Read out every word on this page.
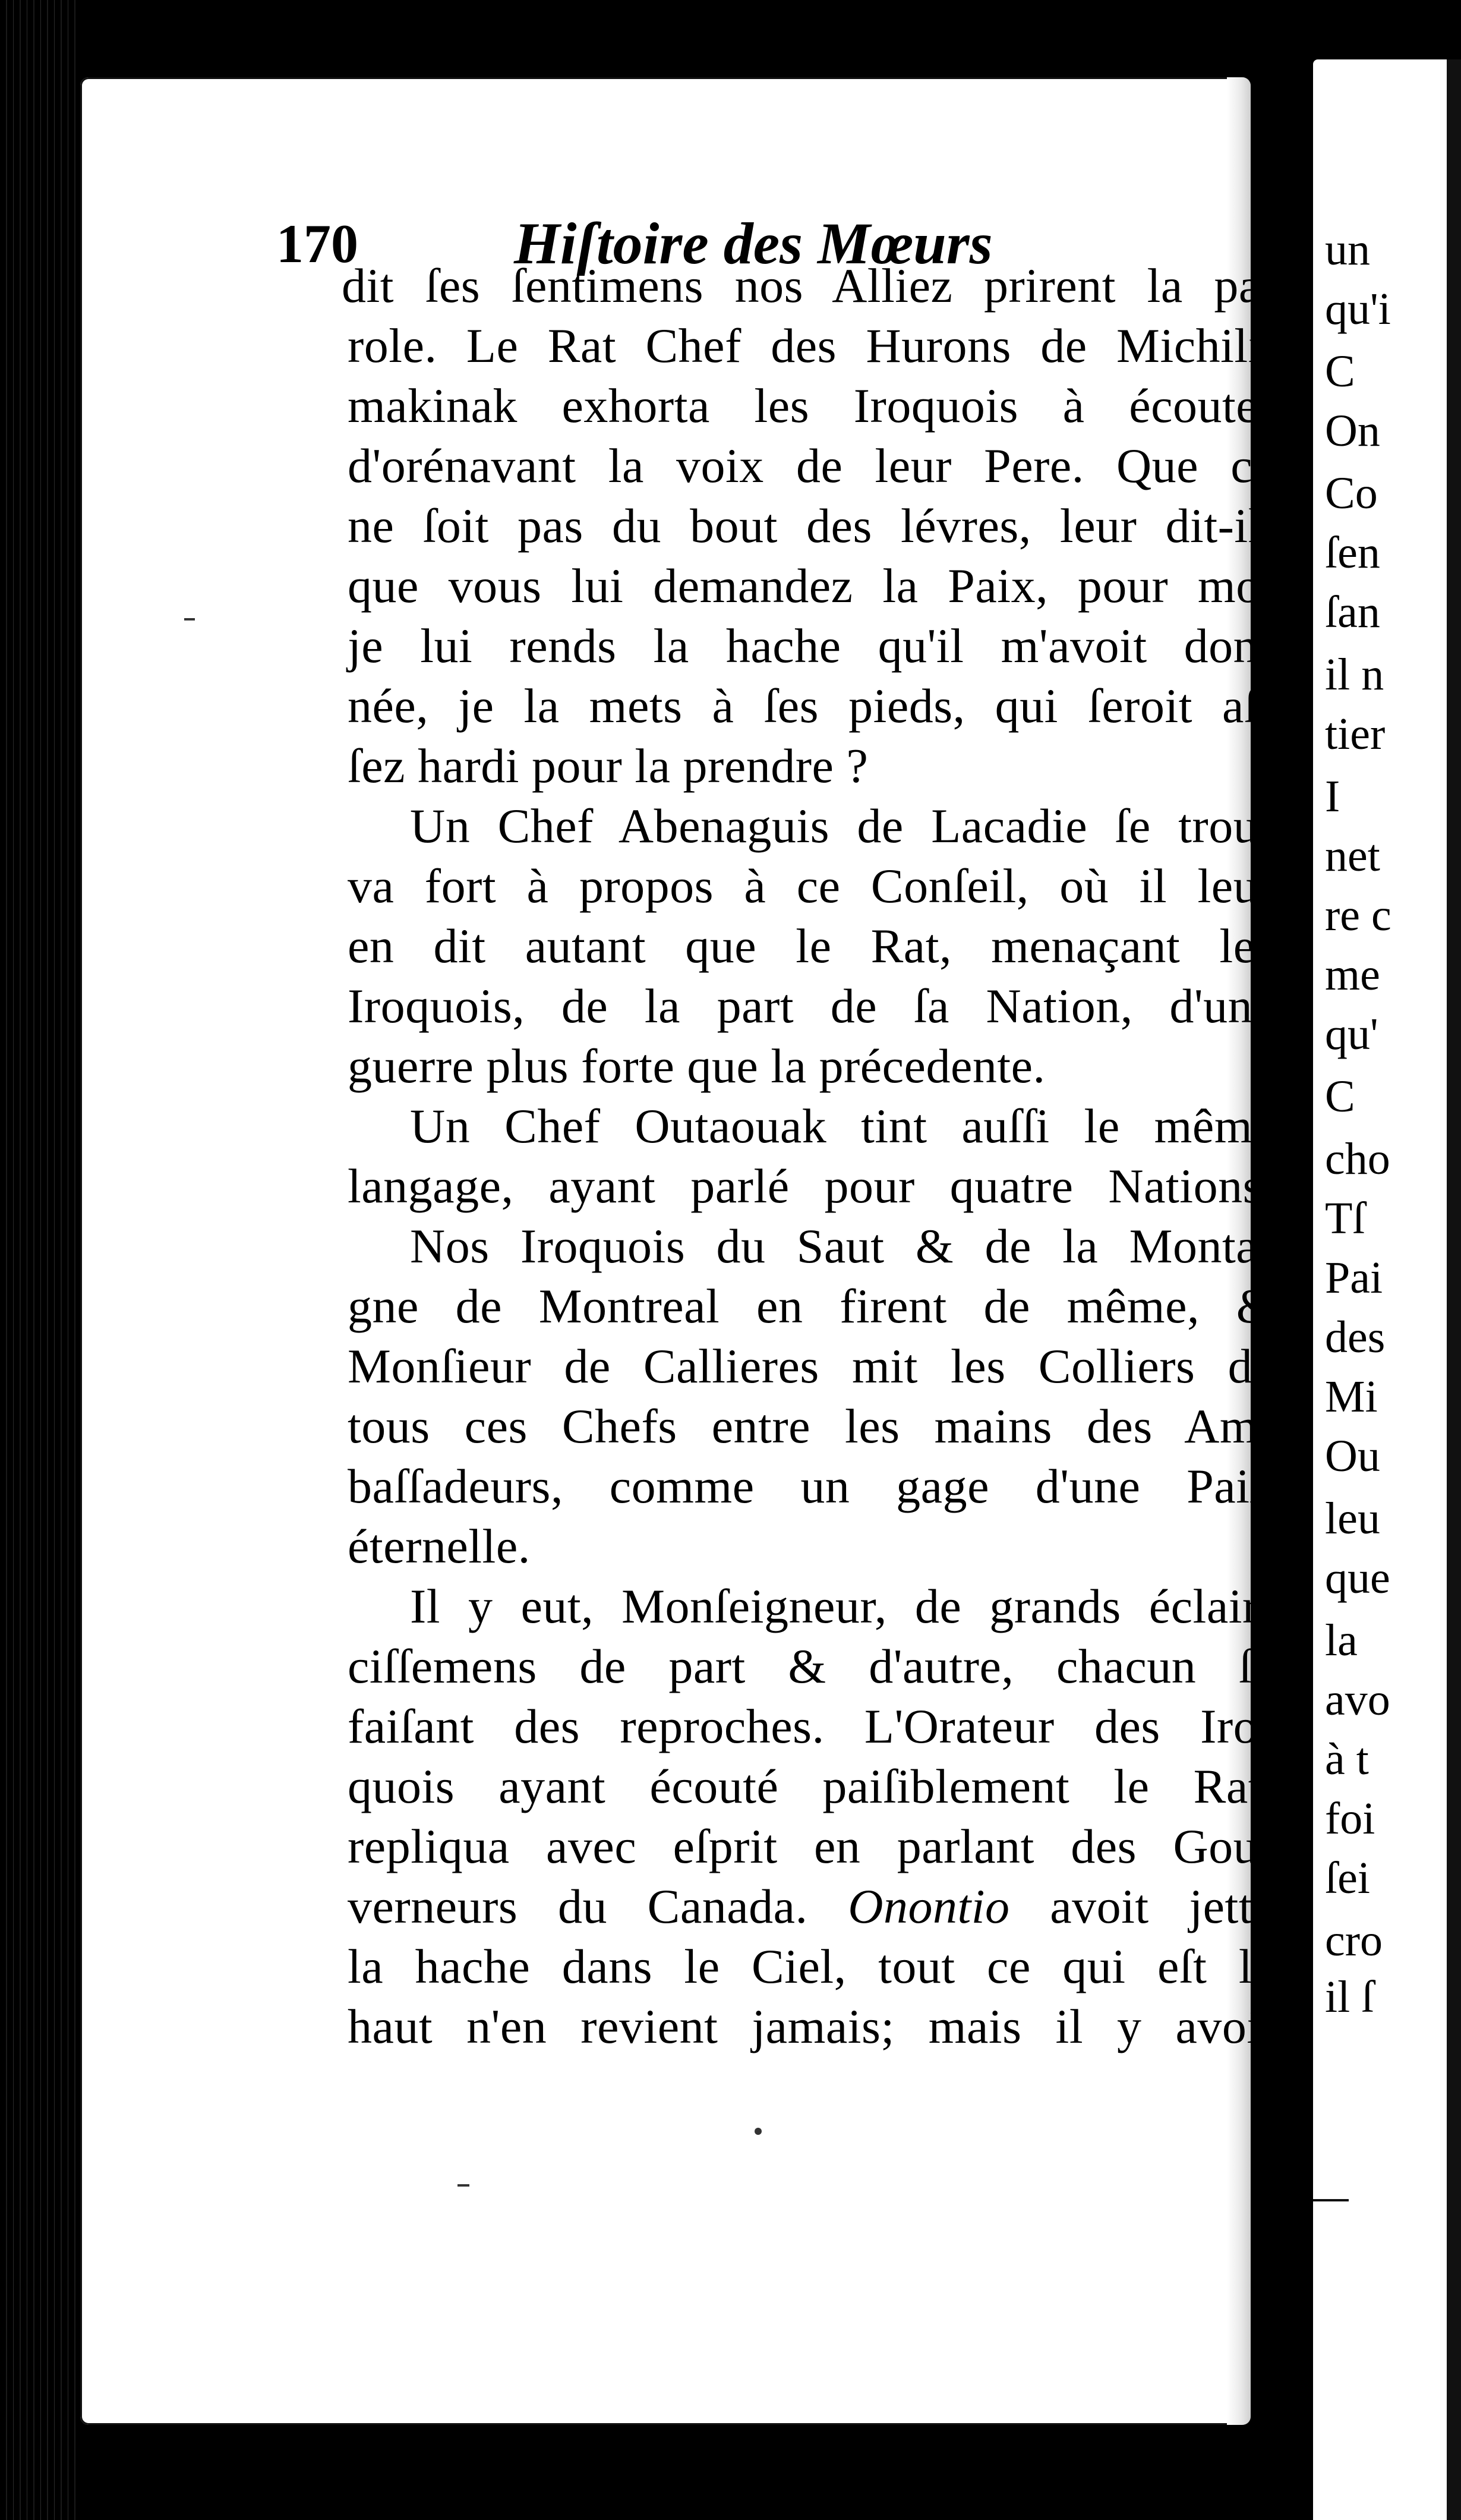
170	Hiſtoire des Mœurs
dit ſes ſentimens nos Alliez prirent la pa:
role. Le Rat Chef des Hurons de Michili.
makinak exhorta les Iroquois à écouter
d'orénavant la voix de leur Pere. Que ce
ne ſoit pas du bout des lévres, leur dit-il,
que vous lui demandez la Paix, pour moi
je lui rends la hache qu'il m'avoit don-
née, je la mets à ſes pieds, qui ſeroit aſ-
ſez hardi pour la prendre ?
Un Chef Abenaguis de Lacadie ſe trou-
va fort à propos à ce Conſeil, où il leur
en dit autant que le Rat, menaçant les
Iroquois, de la part de ſa Nation, d'une
guerre plus forte que la précedente.
Un Chef Outaouak tint auſſi le même
langage, ayant parlé pour quatre Nations.
Nos Iroquois du Saut & de la Monta-
gne de Montreal en firent de même, &
Monſieur de Callieres mit les Colliers de
tous ces Chefs entre les mains des Am-
baſſadeurs, comme un gage d'une Paix
éternelle.
Il y eut, Monſeigneur, de grands éclair-
ciſſemens de part & d'autre, chacun ſe
faiſant des reproches. L'Orateur des Iro-
quois ayant écouté paiſiblement le Rat,
repliqua avec eſprit en parlant des Gou-
verneurs du Canada. Onontio avoit jetté
la hache dans le Ciel, tout ce qui eſt là
haut n'en revient jamais; mais il y avoit
un
qu'i
C
On
Co
ſen
ſan
il n
tier
I
net
re c
me
qu'
C
cho
Tſ
Pai
des
Mi
Ou
leu
que
la
avo
à t
foi
ſei
cro
il ſ
